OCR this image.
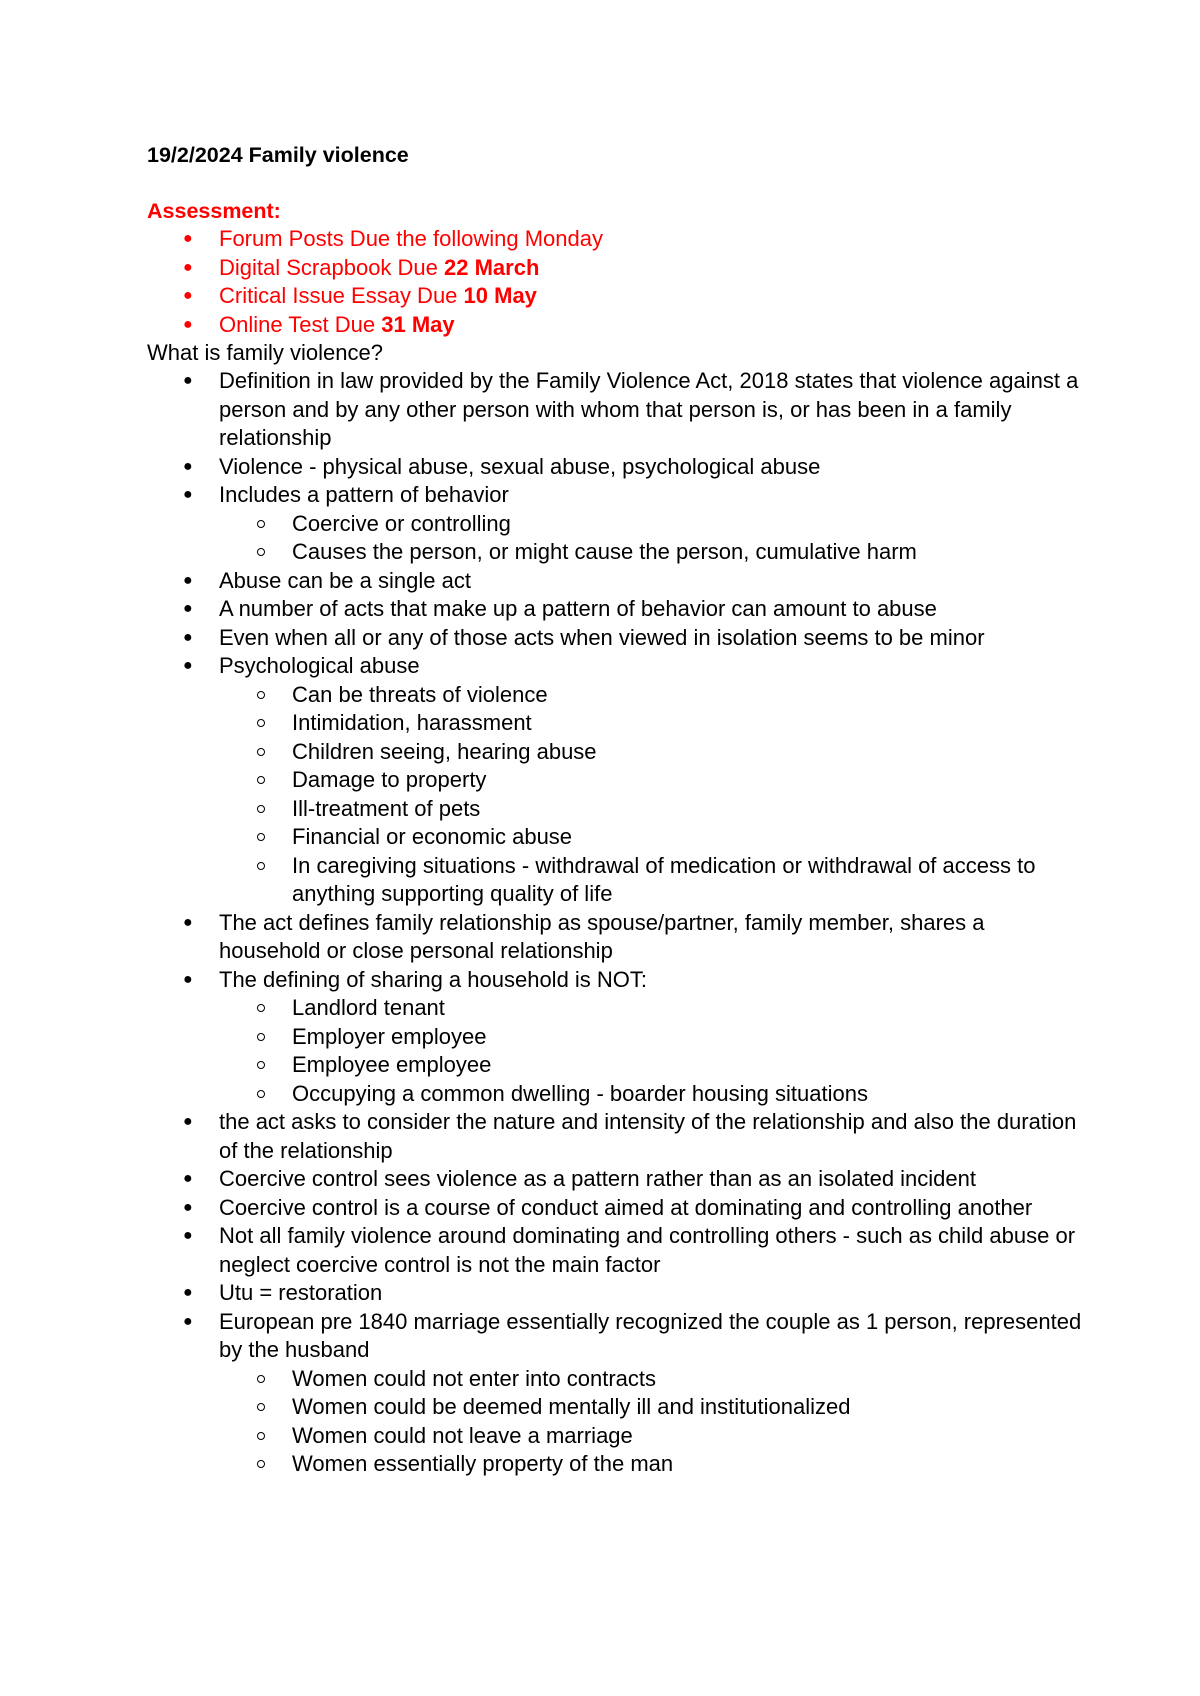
19/2/2024 Family violence
Assessment:
● Forum Posts Due the following Monday
● Digital Scrapbook Due 22 March
● Critical Issue Essay Due 10 May
● Online Test Due 31 May
What is family violence?
● Definition in law provided by the Family Violence Act, 2018 states that violence against a person and by any other person with whom that person is, or has been in a family relationship
● Violence - physical abuse, sexual abuse, psychological abuse
● Includes a pattern of behavior
Coercive or controlling
Causes the person, or might cause the person, cumulative harm
● Abuse can be a single act
● A number of acts that make up a pattern of behavior can amount to abuse
● Even when all or any of those acts when viewed in isolation seems to be minor
● Psychological abuse
Can be threats of violence
Intimidation, harassment
Children seeing, hearing abuse
Damage to property
Ill-treatment of pets
Financial or economic abuse
In caregiving situations - withdrawal of medication or withdrawal of access to anything supporting quality of life
● The act defines family relationship as spouse/partner, family member, shares a household or close personal relationship
● The defining of sharing a household is NOT:
Landlord tenant
Employer employee
Employee employee
Occupying a common dwelling - boarder housing situations
● the act asks to consider the nature and intensity of the relationship and also the duration of the relationship
● Coercive control sees violence as a pattern rather than as an isolated incident
● Coercive control is a course of conduct aimed at dominating and controlling another
● Not all family violence around dominating and controlling others - such as child abuse or neglect coercive control is not the main factor
● Utu = restoration
● European pre 1840 marriage essentially recognized the couple as 1 person, represented by the husband
Women could not enter into contracts
Women could be deemed mentally ill and institutionalized
Women could not leave a marriage
Women essentially property of the man
